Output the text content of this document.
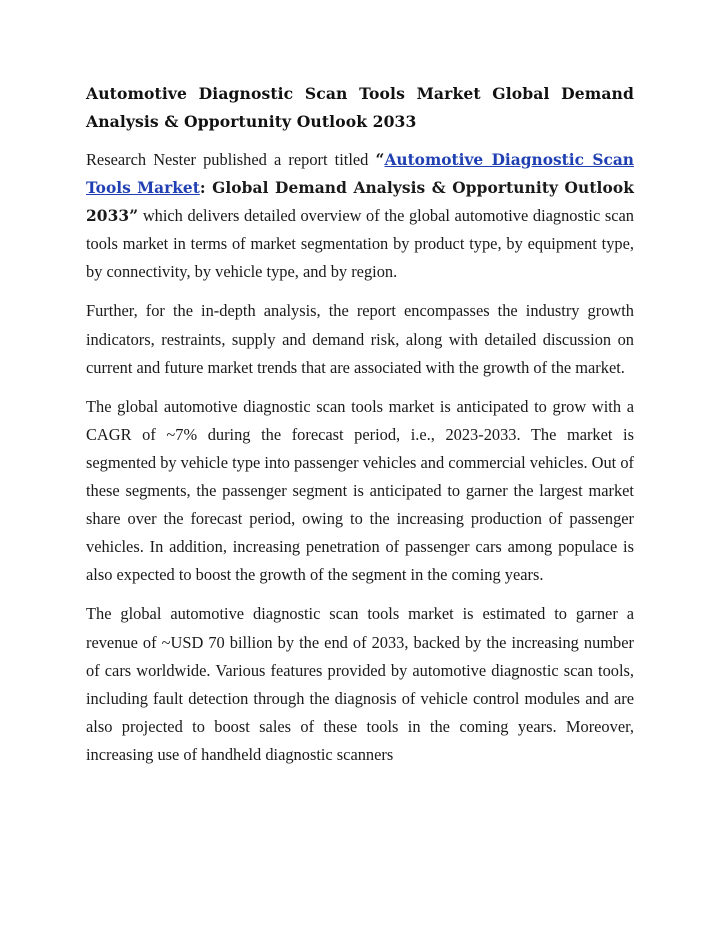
Automotive Diagnostic Scan Tools Market Global Demand Analysis & Opportunity Outlook 2033

Research Nester published a report titled “Automotive Diagnostic Scan Tools Market: Global Demand Analysis & Opportunity Outlook 2033” which delivers detailed overview of the global automotive diagnostic scan tools market in terms of market segmentation by product type, by equipment type, by connectivity, by vehicle type, and by region.

Further, for the in-depth analysis, the report encompasses the industry growth indicators, restraints, supply and demand risk, along with detailed discussion on current and future market trends that are associated with the growth of the market.

The global automotive diagnostic scan tools market is anticipated to grow with a CAGR of ~7% during the forecast period, i.e., 2023-2033. The market is segmented by vehicle type into passenger vehicles and commercial vehicles. Out of these segments, the passenger segment is anticipated to garner the largest market share over the forecast period, owing to the increasing production of passenger vehicles. In addition, increasing penetration of passenger cars among populace is also expected to boost the growth of the segment in the coming years.

The global automotive diagnostic scan tools market is estimated to garner a revenue of ~USD 70 billion by the end of 2033, backed by the increasing number of cars worldwide. Various features provided by automotive diagnostic scan tools, including fault detection through the diagnosis of vehicle control modules and are also projected to boost sales of these tools in the coming years. Moreover, increasing use of handheld diagnostic scanners
